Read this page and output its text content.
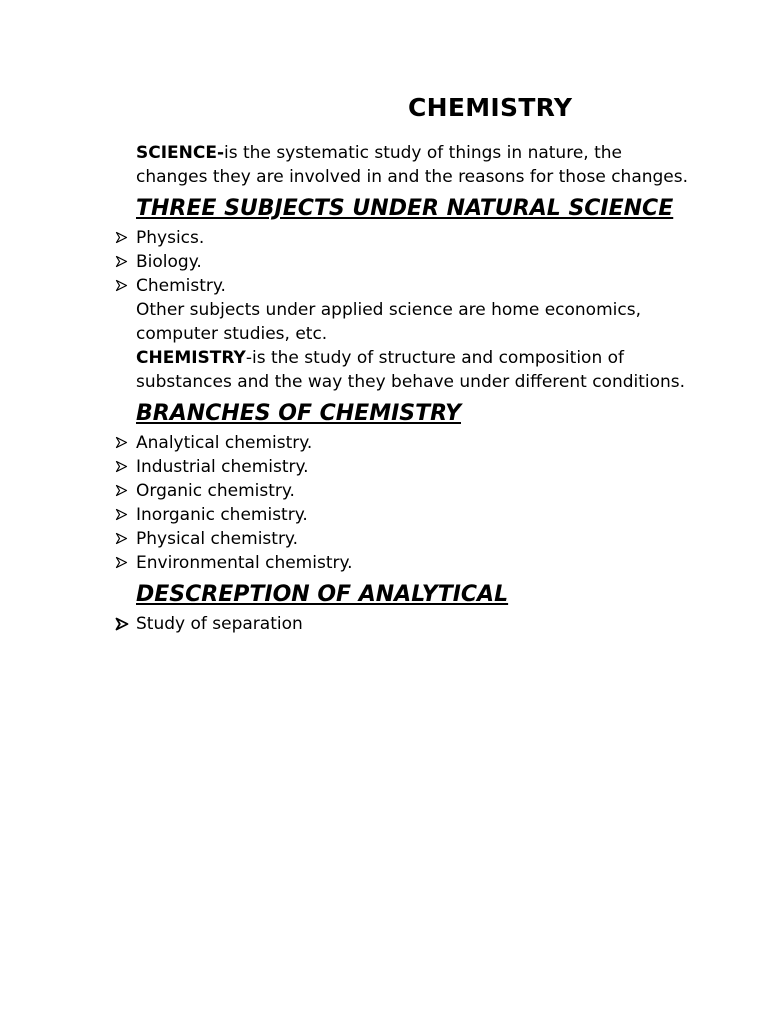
CHEMISTRY

SCIENCE-is the systematic study of things in nature, the changes they are involved in and the reasons for those changes.

THREE SUBJECTS UNDER NATURAL SCIENCE
Physics.
Biology.
Chemistry.

Other subjects under applied science are home economics, computer studies, etc.

CHEMISTRY-is the study of structure and composition of substances and the way they behave under different conditions.

BRANCHES OF CHEMISTRY
Analytical chemistry.
Industrial chemistry.
Organic chemistry.
Inorganic chemistry.
Physical chemistry.
Environmental chemistry.
DESCREPTION OF ANALYTICAL
Study of separation
